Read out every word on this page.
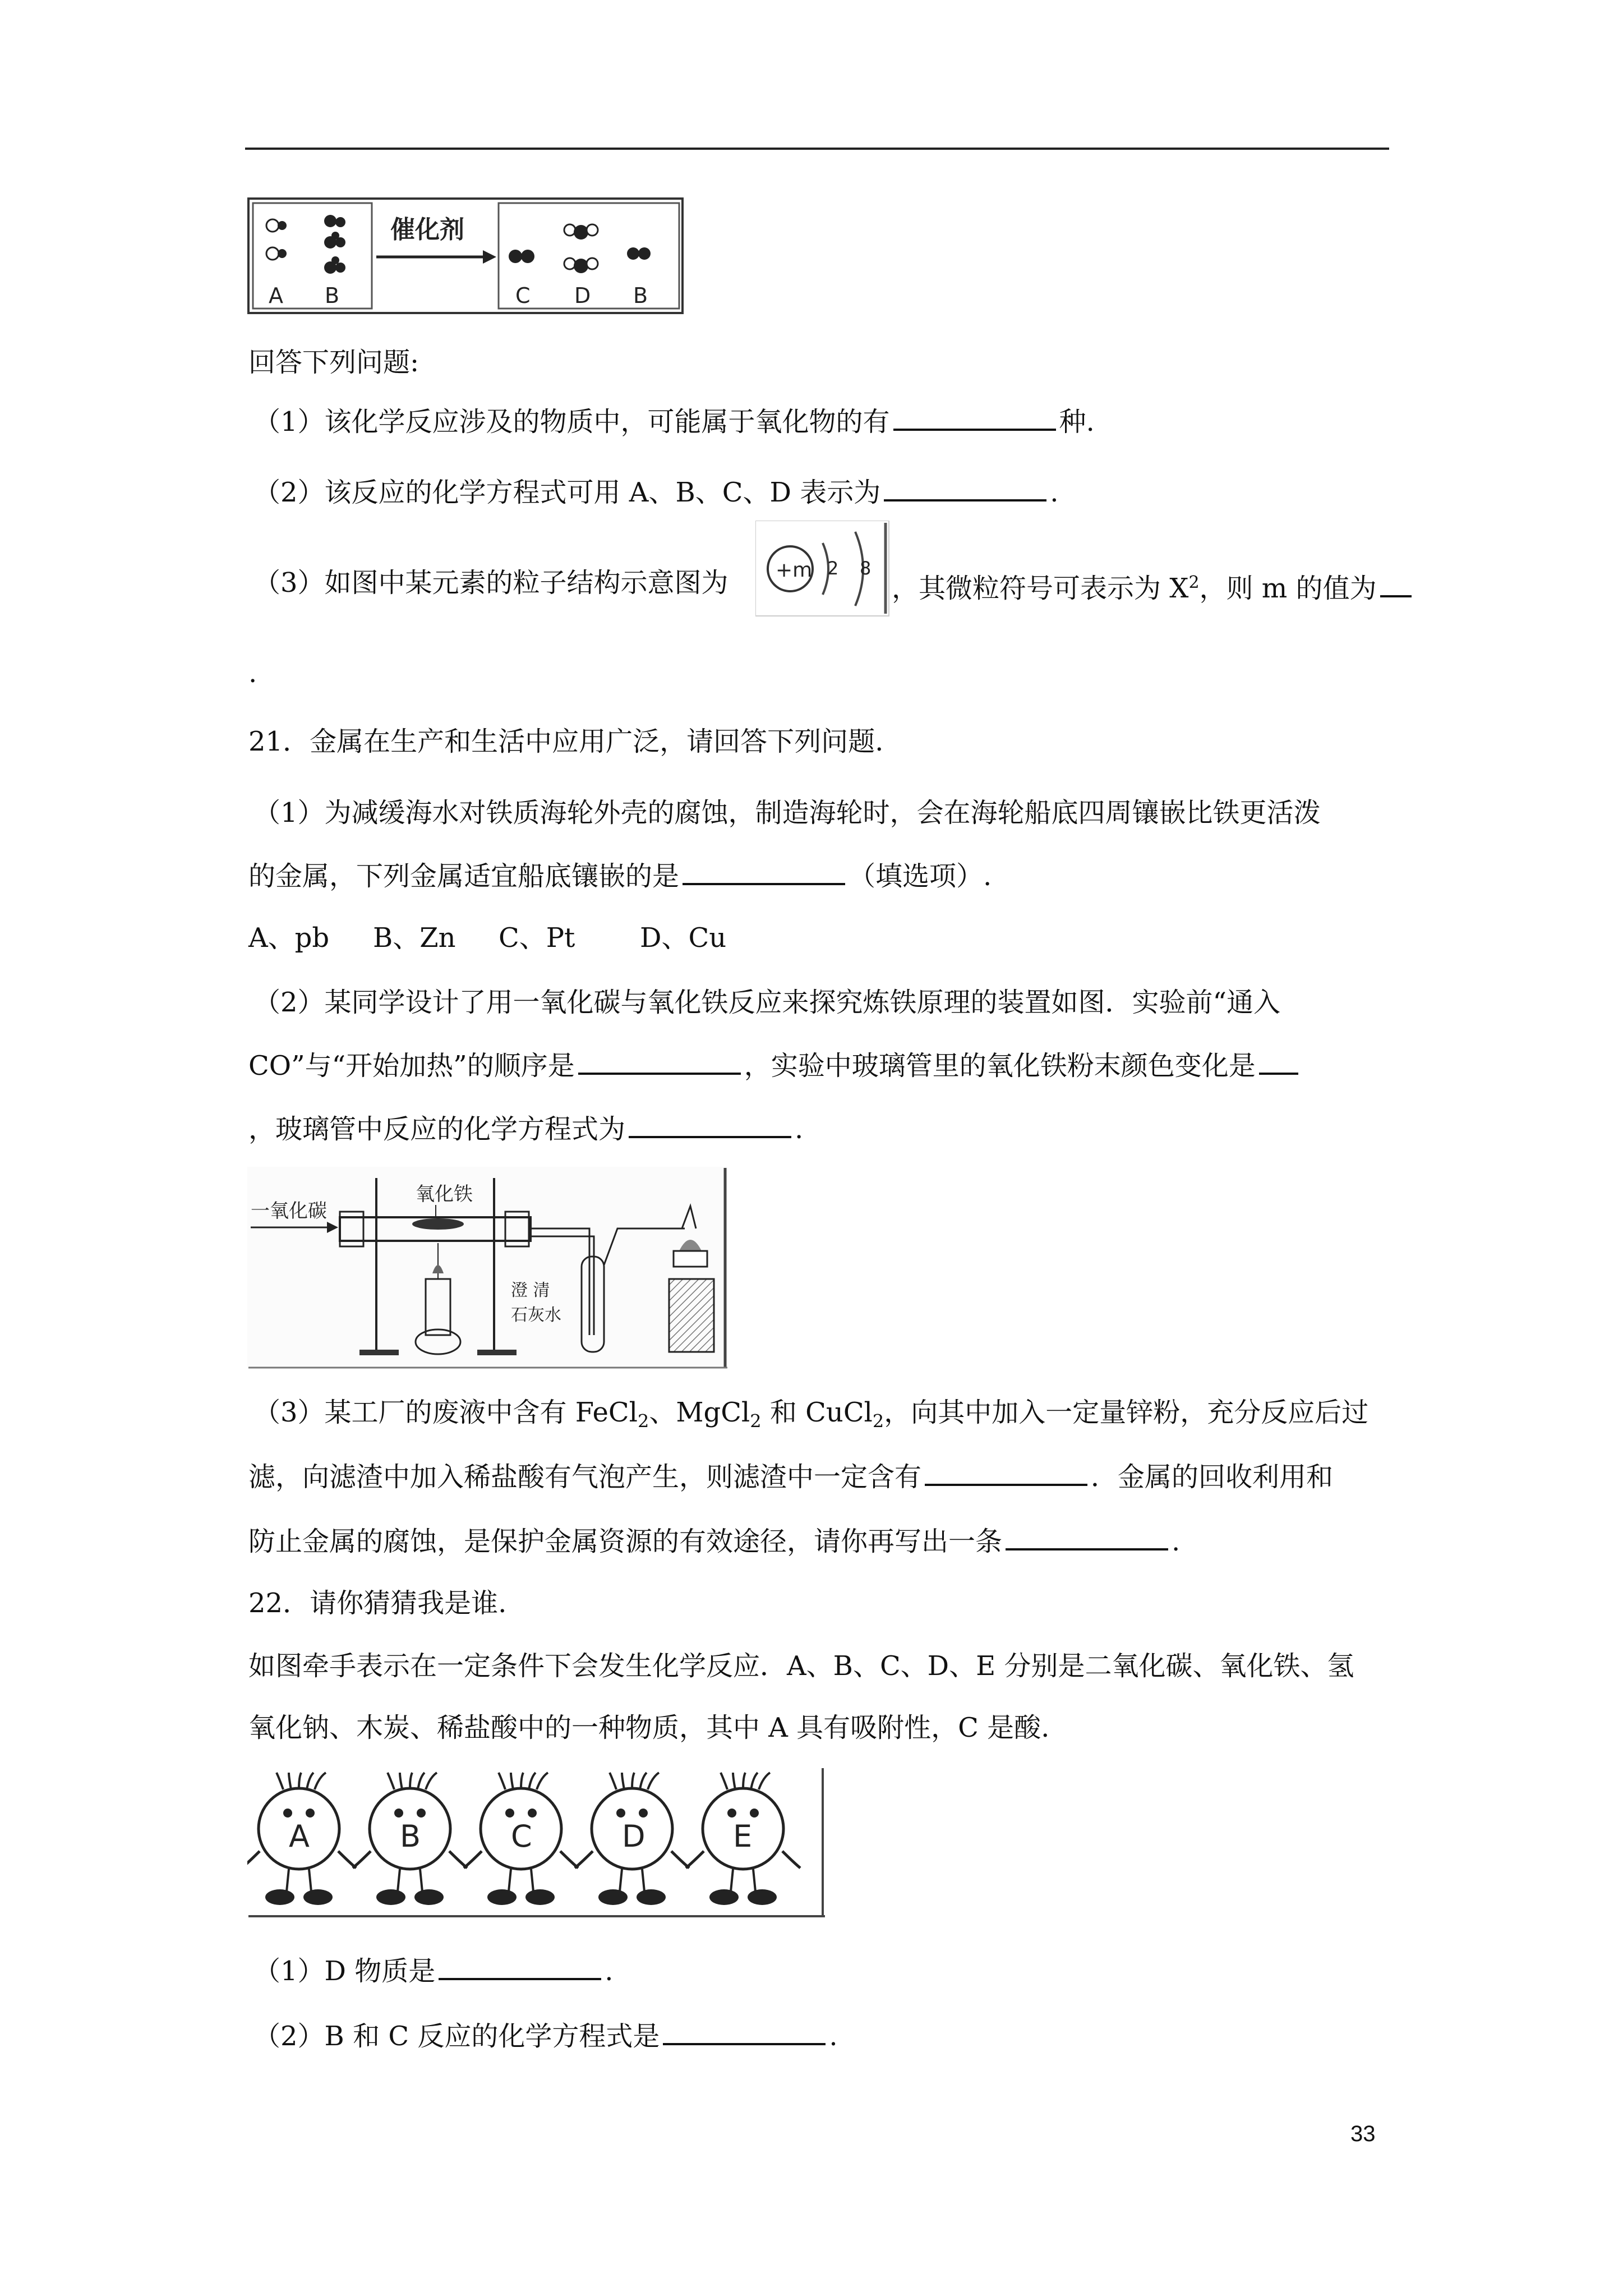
A B
催化剂
C D B
回答下列问题:
（1）该化学反应涉及的物质中，可能属于氧化物的有	种.
（2）该反应的化学方程式可用 A、B、C、D 表示为	.
（3）如图中某元素的粒子结构示意图为 +m 2 8
，其微粒符号可表示为 $X^2$，则 m 的值为
.
21．金属在生产和生活中应用广泛，请回答下列问题.
（1）为减缓海水对铁质海轮外壳的腐蚀，制造海轮时，会在海轮船底四周镶嵌比铁更活泼
的金属，下列金属适宜船底镶嵌的是	（填选项）.
A、pb B、Zn C、Pt D、Cu
（2）某同学设计了用一氧化碳与氧化铁反应来探究炼铁原理的装置如图．实验前“通入
CO”与“开始加热”的顺序是	，实验中玻璃管里的氧化铁粉末颜色变化是
，玻璃管中反应的化学方程式为	.
一氧化碳
氧化铁
澄 清
石灰水
（3）某工厂的废液中含有 FeCl$_2$、MgCl$_2$ 和 CuCl$_2$，向其中加入一定量锌粉，充分反应后过
滤，向滤渣中加入稀盐酸有气泡产生，则滤渣中一定含有	．金属的回收利用和
防止金属的腐蚀，是保护金属资源的有效途径，请你再写出一条	.
22．请你猜猜我是谁.
如图牵手表示在一定条件下会发生化学反应．A、B、C、D、E 分别是二氧化碳、氧化铁、氢
氧化钠、木炭、稀盐酸中的一种物质，其中 A 具有吸附性，C 是酸.
A	B	C	D	E
（1）D 物质是	.
（2）B 和 C 反应的化学方程式是	.
33
